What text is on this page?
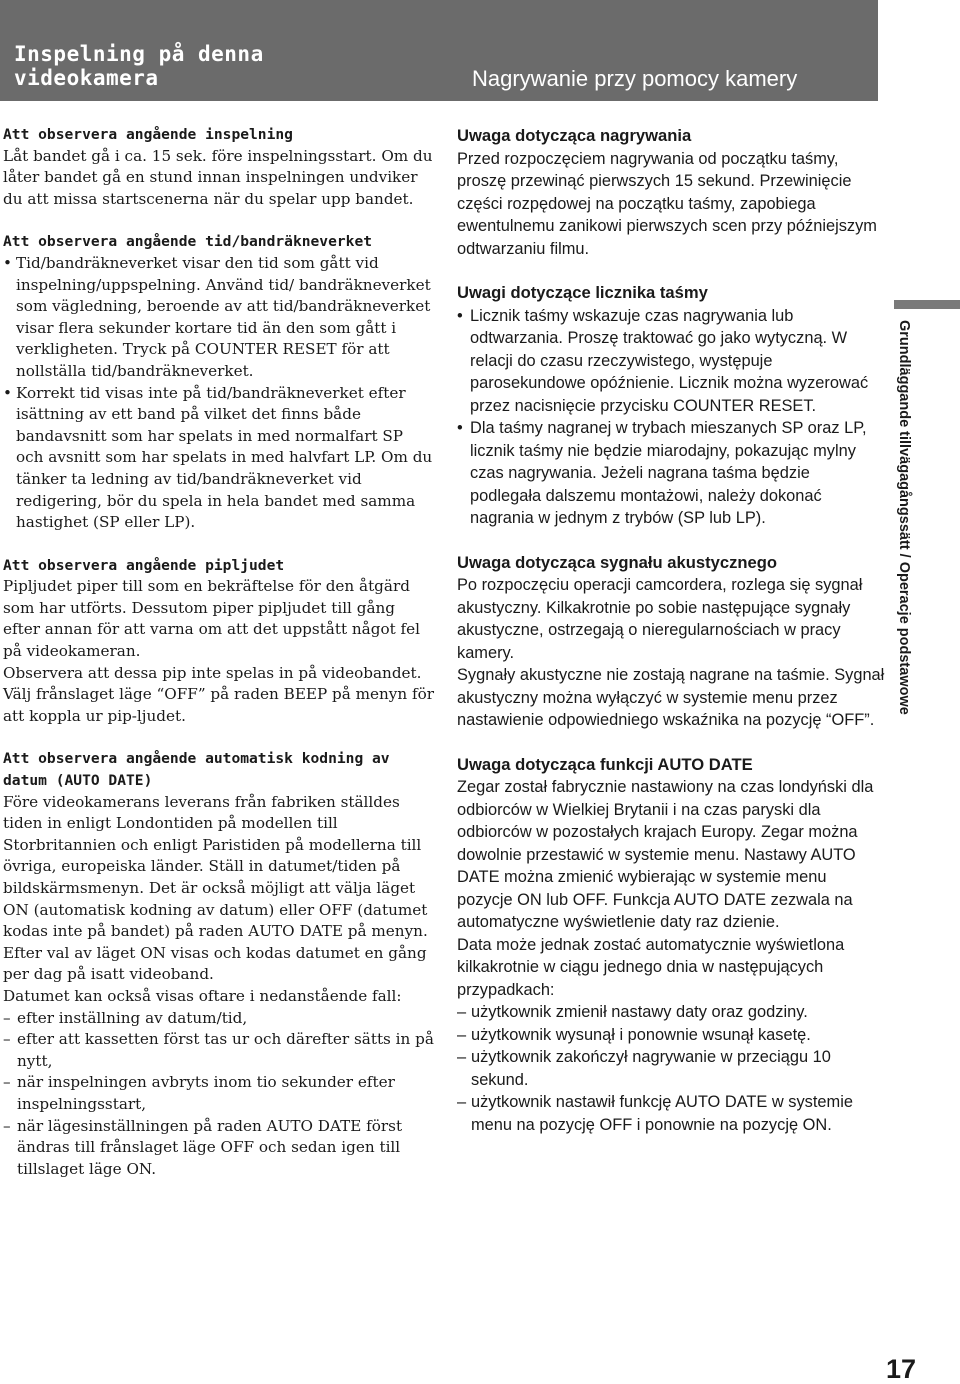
Inspelning på denna
videokamera	Nagrywanie przy pomocy kamery
Att observera angående inspelning

Låt bandet gå i ca. 15 sek. före inspelningsstart. Om du låter bandet gå en stund innan inspelningen undviker du att missa startscenerna när du spelar upp bandet.

Att observera angående tid/bandräkneverket

• Tid/bandräkneverket visar den tid som gått vid inspelning/uppspelning. Använd tid/ bandräkneverket som vägledning, beroende av att tid/bandräkneverket visar flera sekunder kortare tid än den som gått i verkligheten. Tryck på COUNTER RESET för att nollställa tid/bandräkneverket.

• Korrekt tid visas inte på tid/bandräkneverket efter isättning av ett band på vilket det finns både bandavsnitt som har spelats in med normalfart SP och avsnitt som har spelats in med halvfart LP. Om du tänker ta ledning av tid/bandräkneverket vid redigering, bör du spela in hela bandet med samma hastighet (SP eller LP).

Att observera angående pipljudet

Pipljudet piper till som en bekräftelse för den åtgärd som har utförts. Dessutom piper pipljudet till gång efter annan för att varna om att det uppstått något fel på videokameran.

Observera att dessa pip inte spelas in på videobandet. Välj frånslaget läge “OFF” på raden BEEP på menyn för att koppla ur pip-ljudet.

Att observera angående automatisk kodning av datum (AUTO DATE)

Före videokamerans leverans från fabriken ställdes tiden in enligt Londontiden på modellen till Storbritannien och enligt Paristiden på modellerna till övriga, europeiska länder. Ställ in datumet/tiden på bildskärmsmenyn. Det är också möjligt att välja läget ON (automatisk kodning av datum) eller OFF (datumet kodas inte på bandet) på raden AUTO DATE på menyn. Efter val av läget ON visas och kodas datumet en gång per dag på isatt videoband.

Datumet kan också visas oftare i nedanstående fall:

– efter inställning av datum/tid,

– efter att kassetten först tas ur och därefter sätts in på nytt,

– när inspelningen avbryts inom tio sekunder efter inspelningsstart,

– när lägesinställningen på raden AUTO DATE först ändras till frånslaget läge OFF och sedan igen till tillslaget läge ON.

Uwaga dotycząca nagrywania

Przed rozpoczęciem nagrywania od początku taśmy, proszę przewinąć pierwszych 15 sekund. Przewinięcie części rozpędowej na początku taśmy, zapobiega ewentulnemu zanikowi pierwszych scen przy późniejszym odtwarzaniu filmu.

Uwagi dotyczące licznika taśmy

• Licznik taśmy wskazuje czas nagrywania lub odtwarzania. Proszę traktować go jako wytyczną. W relacji do czasu rzeczywistego, występuje parosekundowe opóźnienie. Licznik można wyzerować przez nacisnięcie przycisku COUNTER RESET.

• Dla taśmy nagranej w trybach mieszanych SP oraz LP, licznik taśmy nie będzie miarodajny, pokazując mylny czas nagrywania. Jeżeli nagrana taśma będzie podlegała dalszemu montażowi, należy dokonać nagrania w jednym z trybów (SP lub LP).

Uwaga dotycząca sygnału akustycznego

Po rozpoczęciu operacji camcordera, rozlega się sygnał akustyczny. Kilkakrotnie po sobie następujące sygnały akustyczne, ostrzegają o nieregularnościach w pracy kamery.

Sygnały akustyczne nie zostają nagrane na taśmie. Sygnał akustyczny można wyłączyć w systemie menu przez nastawienie odpowiedniego wskaźnika na pozycję “OFF”.

Uwaga dotycząca funkcji AUTO DATE

Zegar został fabrycznie nastawiony na czas londyński dla odbiorców w Wielkiej Brytanii i na czas paryski dla odbiorców w pozostałych krajach Europy. Zegar można dowolnie przestawić w systemie menu. Nastawy AUTO DATE można zmienić wybierając w systemie menu pozycje ON lub OFF. Funkcja AUTO DATE zezwala na automatyczne wyświetlenie daty raz dzienie.

Data może jednak zostać automatycznie wyświetlona kilkakrotnie w ciągu jednego dnia w następujących przypadkach:

– użytkownik zmienił nastawy daty oraz godziny.

– użytkownik wysunął i ponownie wsunął kasetę.

– użytkownik zakończył nagrywanie w przeciągu 10 sekund.

– użytkownik nastawił funkcję AUTO DATE w systemie menu na pozycję OFF i ponownie na pozycję ON.

Grundläggande tillvägagångssätt / Operacje podstawowe
17
